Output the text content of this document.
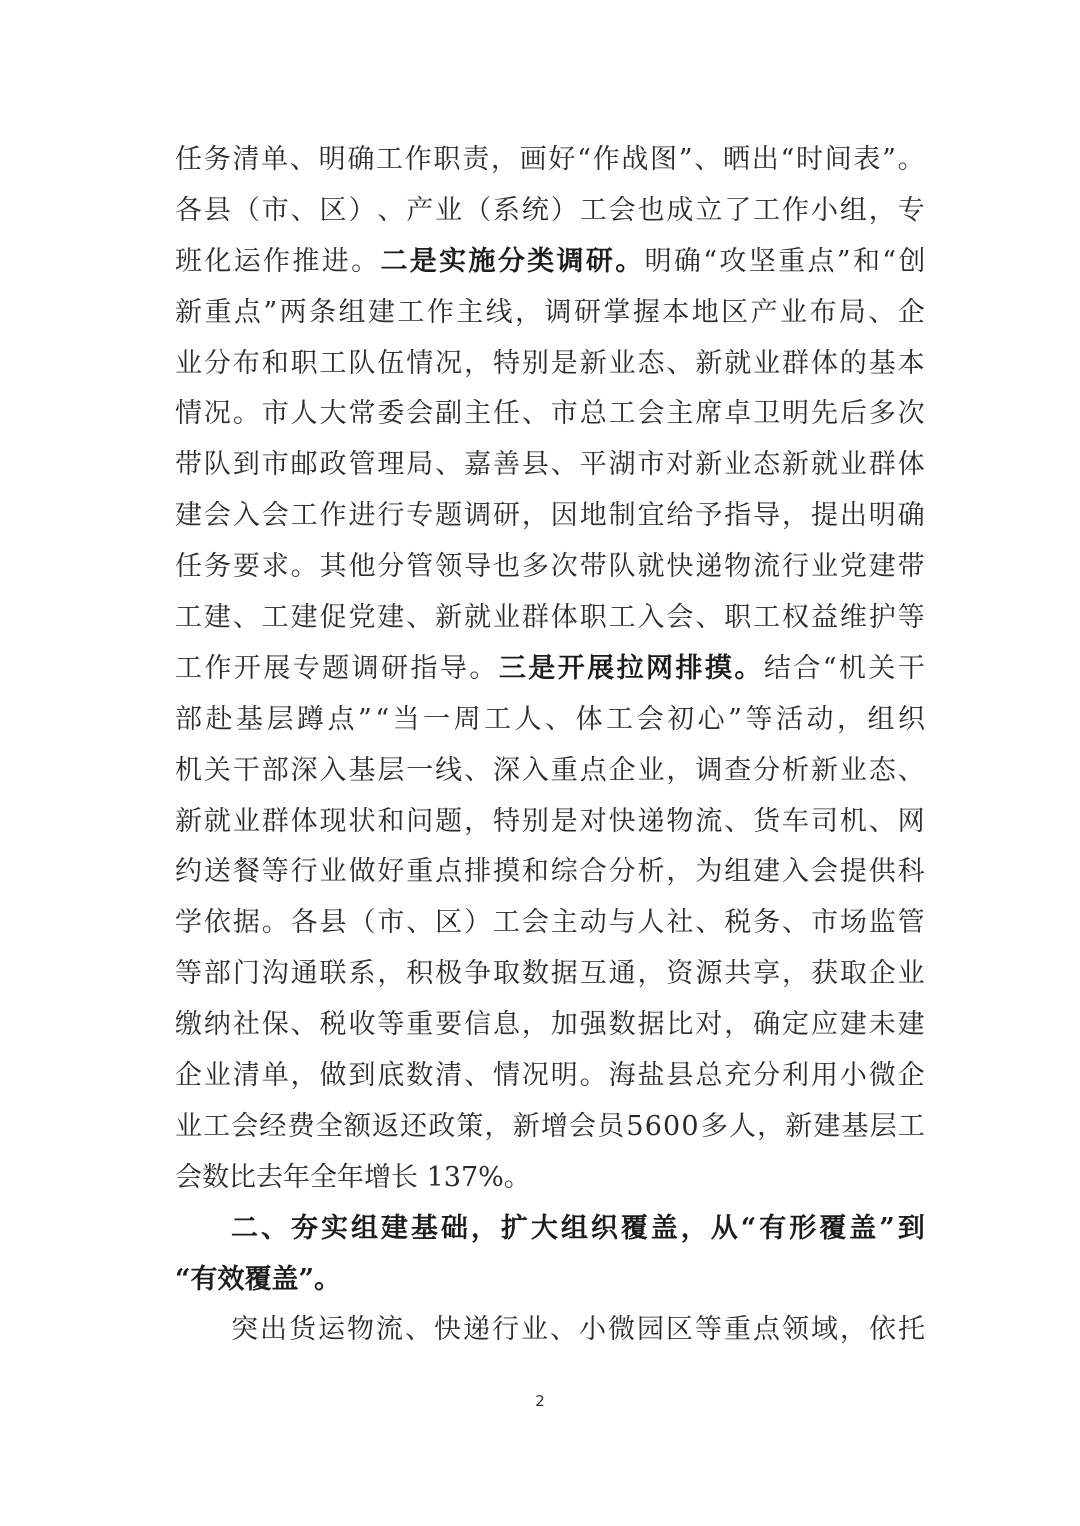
任 务 清 单 、 明 确 工 作 职 责 ， 画 好 “ 作 战 图 ” 、 晒 出 “ 时 间 表 ” 。
各 县 （ 市 、 区 ） 、 产 业 （ 系 统 ） 工 会 也 成 立 了 工 作 小 组 ， 专
班化运作推进。二是实施分类调研。明确“攻坚重点”和“创
新 重 点 ” 两 条 组 建 工 作 主 线 ， 调 研 掌 握 本 地 区 产 业 布 局 、 企
业 分 布 和 职 工 队 伍 情 况 ， 特 别 是 新 业 态 、 新 就 业 群 体 的 基 本
情 况 。 市 人 大 常 委 会 副 主 任 、 市 总 工 会 主 席 卓 卫 明 先 后 多 次
带 队 到 市 邮 政 管 理 局 、 嘉 善 县 、 平 湖 市 对 新 业 态 新 就 业 群 体
建 会 入 会 工 作 进 行 专 题 调 研 ， 因 地 制 宜 给 予 指 导 ， 提 出 明 确
任 务 要 求 。 其 他 分 管 领 导 也 多 次 带 队 就 快 递 物 流 行 业 党 建 带
工 建 、 工 建 促 党 建 、 新 就 业 群 体 职 工 入 会 、 职 工 权 益 维 护 等
工作开展专题调研指导。三是开展拉网排摸。结合“机关干
部 赴 基 层 蹲 点 ” “ 当 一 周 工 人 、 体 工 会 初 心 ” 等 活 动 ， 组 织
机 关 干 部 深 入 基 层 一 线 、 深 入 重 点 企 业 ， 调 查 分 析 新 业 态 、
新 就 业 群 体 现 状 和 问 题 ， 特 别 是 对 快 递 物 流 、 货 车 司 机 、 网
约 送 餐 等 行 业 做 好 重 点 排 摸 和 综 合 分 析 ， 为 组 建 入 会 提 供 科
学 依 据 。 各 县 （ 市 、 区 ） 工 会 主 动 与 人 社 、 税 务 、 市 场 监 管
等 部 门 沟 通 联 系 ， 积 极 争 取 数 据 互 通 ， 资 源 共 享 ， 获 取 企 业
缴 纳 社 保 、 税 收 等 重 要 信 息 ， 加 强 数 据 比 对 ， 确 定 应 建 未 建
企 业 清 单 ， 做 到 底 数 清 、 情 况 明 。 海 盐 县 总 充 分 利 用 小 微 企
业 工 会 经 费 全 额 返 还 政 策 ， 新 增 会 员 5 6 0 0 多 人 ， 新 建 基 层 工
会数比去年全年增长 137%。
二 、 夯 实 组 建 基 础 ， 扩 大 组 织 覆 盖 ， 从 “ 有 形 覆 盖 ” 到
“有效覆盖”。
突 出 货 运 物 流 、 快 递 行 业 、 小 微 园 区 等 重 点 领 域 ， 依 托
2
